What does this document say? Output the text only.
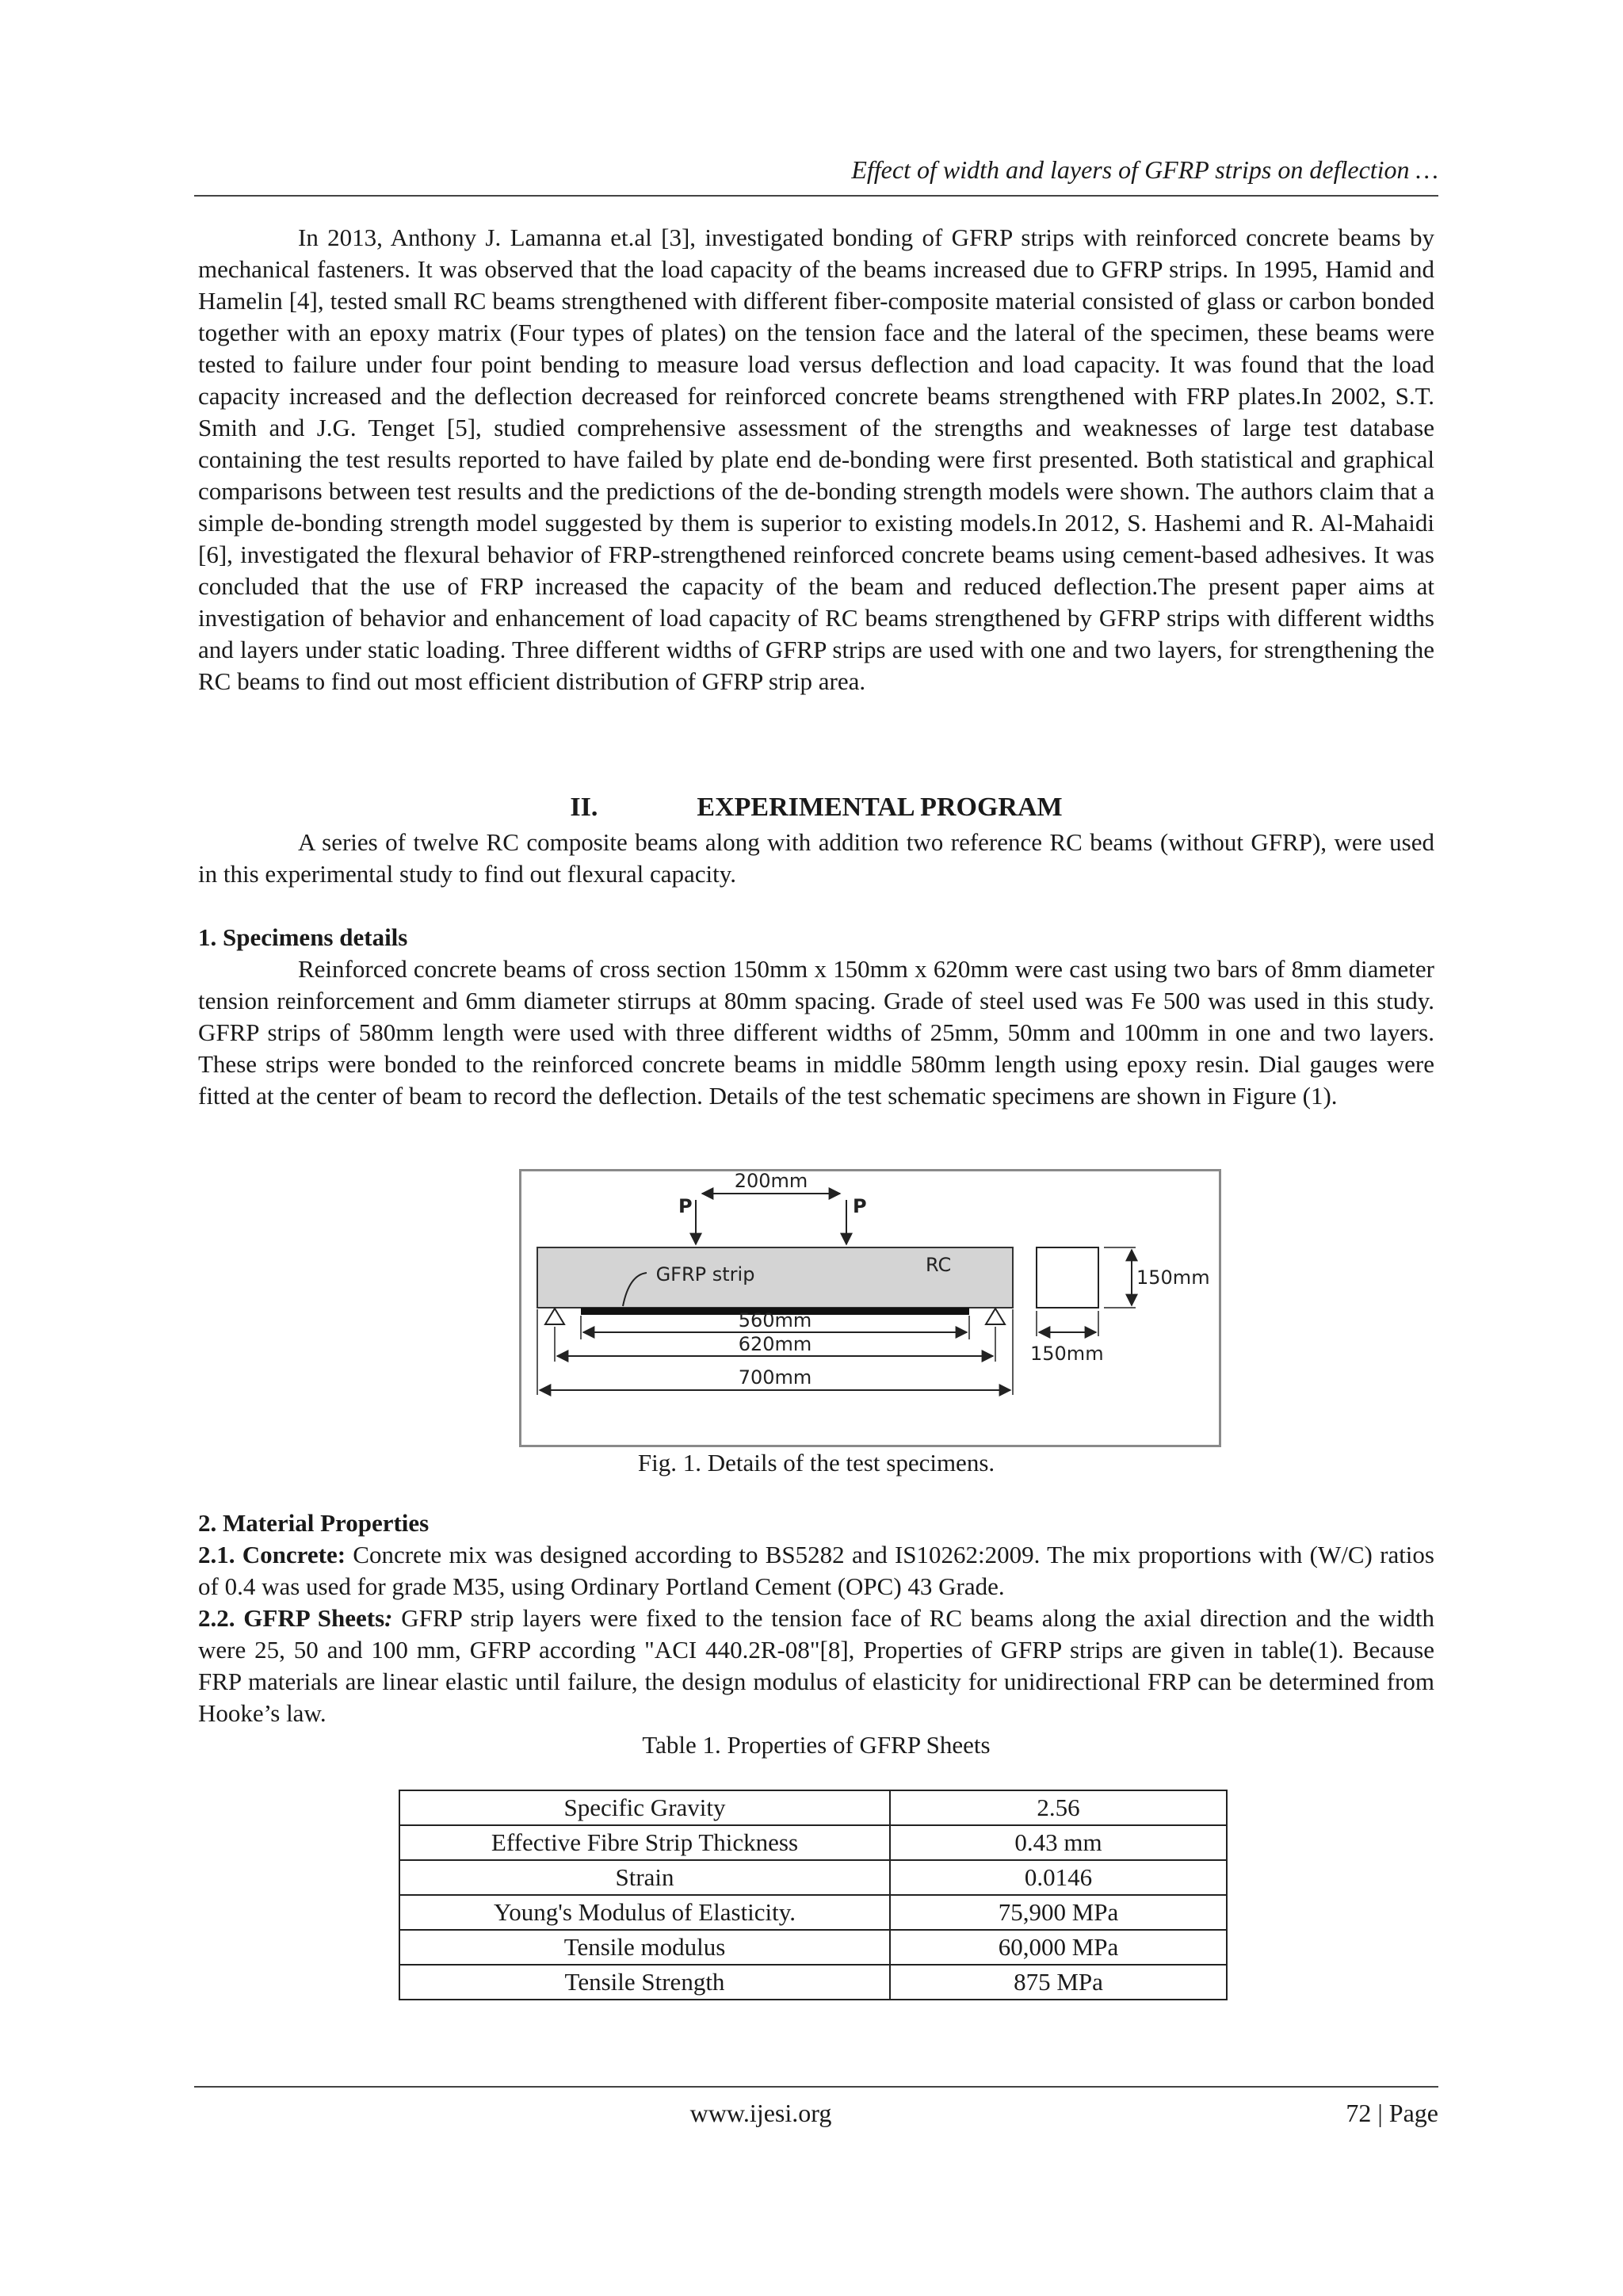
Effect of width and layers of GFRP strips on deflection …

In 2013, Anthony J. Lamanna et.al [3], investigated bonding of GFRP strips with reinforced concrete beams by mechanical fasteners. It was observed that the load capacity of the beams increased due to GFRP strips. In 1995, Hamid and Hamelin [4], tested small RC beams strengthened with different fiber-composite material consisted of glass or carbon bonded together with an epoxy matrix (Four types of plates) on the tension face and the lateral of the specimen, these beams were tested to failure under four point bending to measure load versus deflection and load capacity. It was found that the load capacity increased and the deflection decreased for reinforced concrete beams strengthened with FRP plates.In 2002, S.T. Smith and J.G. Tenget [5], studied comprehensive assessment of the strengths and weaknesses of large test database containing the test results reported to have failed by plate end de-bonding were first presented. Both statistical and graphical comparisons between test results and the predictions of the de-bonding strength models were shown. The authors claim that a simple de-bonding strength model suggested by them is superior to existing models.In 2012, S. Hashemi and R. Al-Mahaidi [6], investigated the flexural behavior of FRP-strengthened reinforced concrete beams using cement-based adhesives. It was concluded that the use of FRP increased the capacity of the beam and reduced deflection.The present paper aims at investigation of behavior and enhancement of load capacity of RC beams strengthened by GFRP strips with different widths and layers under static loading. Three different widths of GFRP strips are used with one and two layers, for strengthening the RC beams to find out most efficient distribution of GFRP strip area.

II.	EXPERIMENTAL PROGRAM

A series of twelve RC composite beams along with addition two reference RC beams (without GFRP), were used in this experimental study to find out flexural capacity.

1. Specimens details

Reinforced concrete beams of cross section 150mm x 150mm x 620mm were cast using two bars of 8mm diameter tension reinforcement and 6mm diameter stirrups at 80mm spacing. Grade of steel used was Fe 500 was used in this study. GFRP strips of 580mm length were used with three different widths of 25mm, 50mm and 100mm in one and two layers. These strips were bonded to the reinforced concrete beams in middle 580mm length using epoxy resin. Dial gauges were fitted at the center of beam to record the deflection. Details of the test schematic specimens are shown in Figure (1).

P	P
200mm
RC
GFRP strip
560mm
620mm
700mm
150mm
150mm
Fig. 1. Details of the test specimens.
2. Material Properties

2.1. Concrete: Concrete mix was designed according to BS5282 and IS10262:2009. The mix proportions with (W/C) ratios of 0.4 was used for grade M35, using Ordinary Portland Cement (OPC) 43 Grade.

2.2. GFRP Sheets: GFRP strip layers were fixed to the tension face of RC beams along the axial direction and the width were 25, 50 and 100 mm, GFRP according "ACI 440.2R-08"[8], Properties of GFRP strips are given in table(1). Because FRP materials are linear elastic until failure, the design modulus of elasticity for unidirectional FRP can be determined from Hooke’s law.

Table 1. Properties of GFRP Sheets
Specific Gravity	2.56
Effective Fibre Strip Thickness	0.43 mm
Strain	0.0146
Young's Modulus of Elasticity.	75,900 MPa
Tensile modulus	60,000 MPa
Tensile Strength	875 MPa
www.ijesi.org	72 | Page
